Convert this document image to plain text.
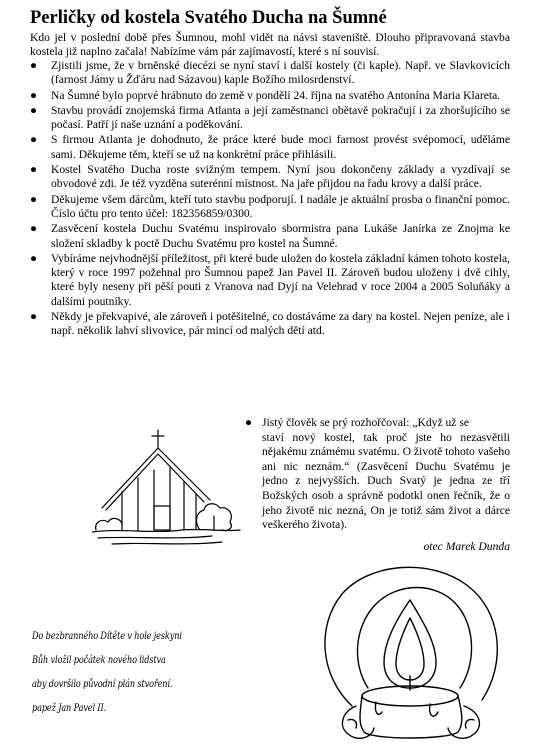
Perličky od kostela Svatého Ducha na Šumné
Kdo jel v poslední době přes Šumnou, mohl vidět na návsi staveniště. Dlouho připravovaná stavba kostela již naplno začala! Nabízíme vám pár zajímavostí, které s ní souvisí.
● Zjistili jsme, že v brněnské diecézi se nyní staví i další kostely (či kaple). Např. ve Slavkovicích (farnost Jámy u Žďáru nad Sázavou) kaple Božího milosrdenství.
● Na Šumné bylo poprvé hrábnuto do země v pondělí 24. října na svatého Antonína Maria Klareta.
● Stavbu provádí znojemská firma Atlanta a její zaměstnanci obětavě pokračují i za zhoršujícího se počasí. Patří jí naše uznání a poděkování.
● S firmou Atlanta je dohodnuto, že práce které bude moci farnost provést svépomocí, uděláme sami. Děkujeme těm, kteří se už na konkrétní práce přihlásili.
● Kostel Svatého Ducha roste svižným tempem. Nyní jsou dokončeny základy a vyzdívají se obvodové zdi. Je též vyzděna suterénní místnost. Na jaře přijdou na řadu krovy a další práce.
● Děkujeme všem dárcům, kteří tuto stavbu podporují. I nadále je aktuální prosba o finanční pomoc. Číslo účtu pro tento účel: 182356859/0300.
● Zasvěcení kostela Duchu Svatému inspirovalo sbormistra pana Lukáše Janírka ze Znojma ke složení skladby k poctě Duchu Svatému pro kostel na Šumné.
● Vybíráme nejvhodnější příležitost, při které bude uložen do kostela základní kámen tohoto kostela, který v roce 1997 požehnal pro Šumnou papež Jan Pavel II. Zároveň budou uloženy i dvě cihly, které byly neseny při pěší pouti z Vranova nad Dyjí na Velehrad v roce 2004 a 2005 Soluňáky a dalšími poutníky.
● Někdy je překvapivé, ale zároveň i potěšitelné, co dostáváme za dary na kostel. Nejen peníze, ale i např. několik lahví slivovice, pár mincí od malých dětí atd.
● Jistý člověk se prý rozhořčoval: „Když už se
staví nový kostel, tak proč jste ho nezasvětili nějakému známému svatému. O životě tohoto vašeho ani nic neznám.“ (Zasvěcení Duchu Svatému je jedno z nejvyšších. Duch Svatý je jedna ze tří Božských osob a správně podotkl onen řečník, že o jeho životě nic nezná, On je totiž sám život a dárce veškerého života).
otec Marek Dunda
Do bezbranného Dítěte v hole jeskyni
Bůh vložil počátek nového lidstva
aby dovršilo původní plán stvoření.
papež Jan Pavel II.
